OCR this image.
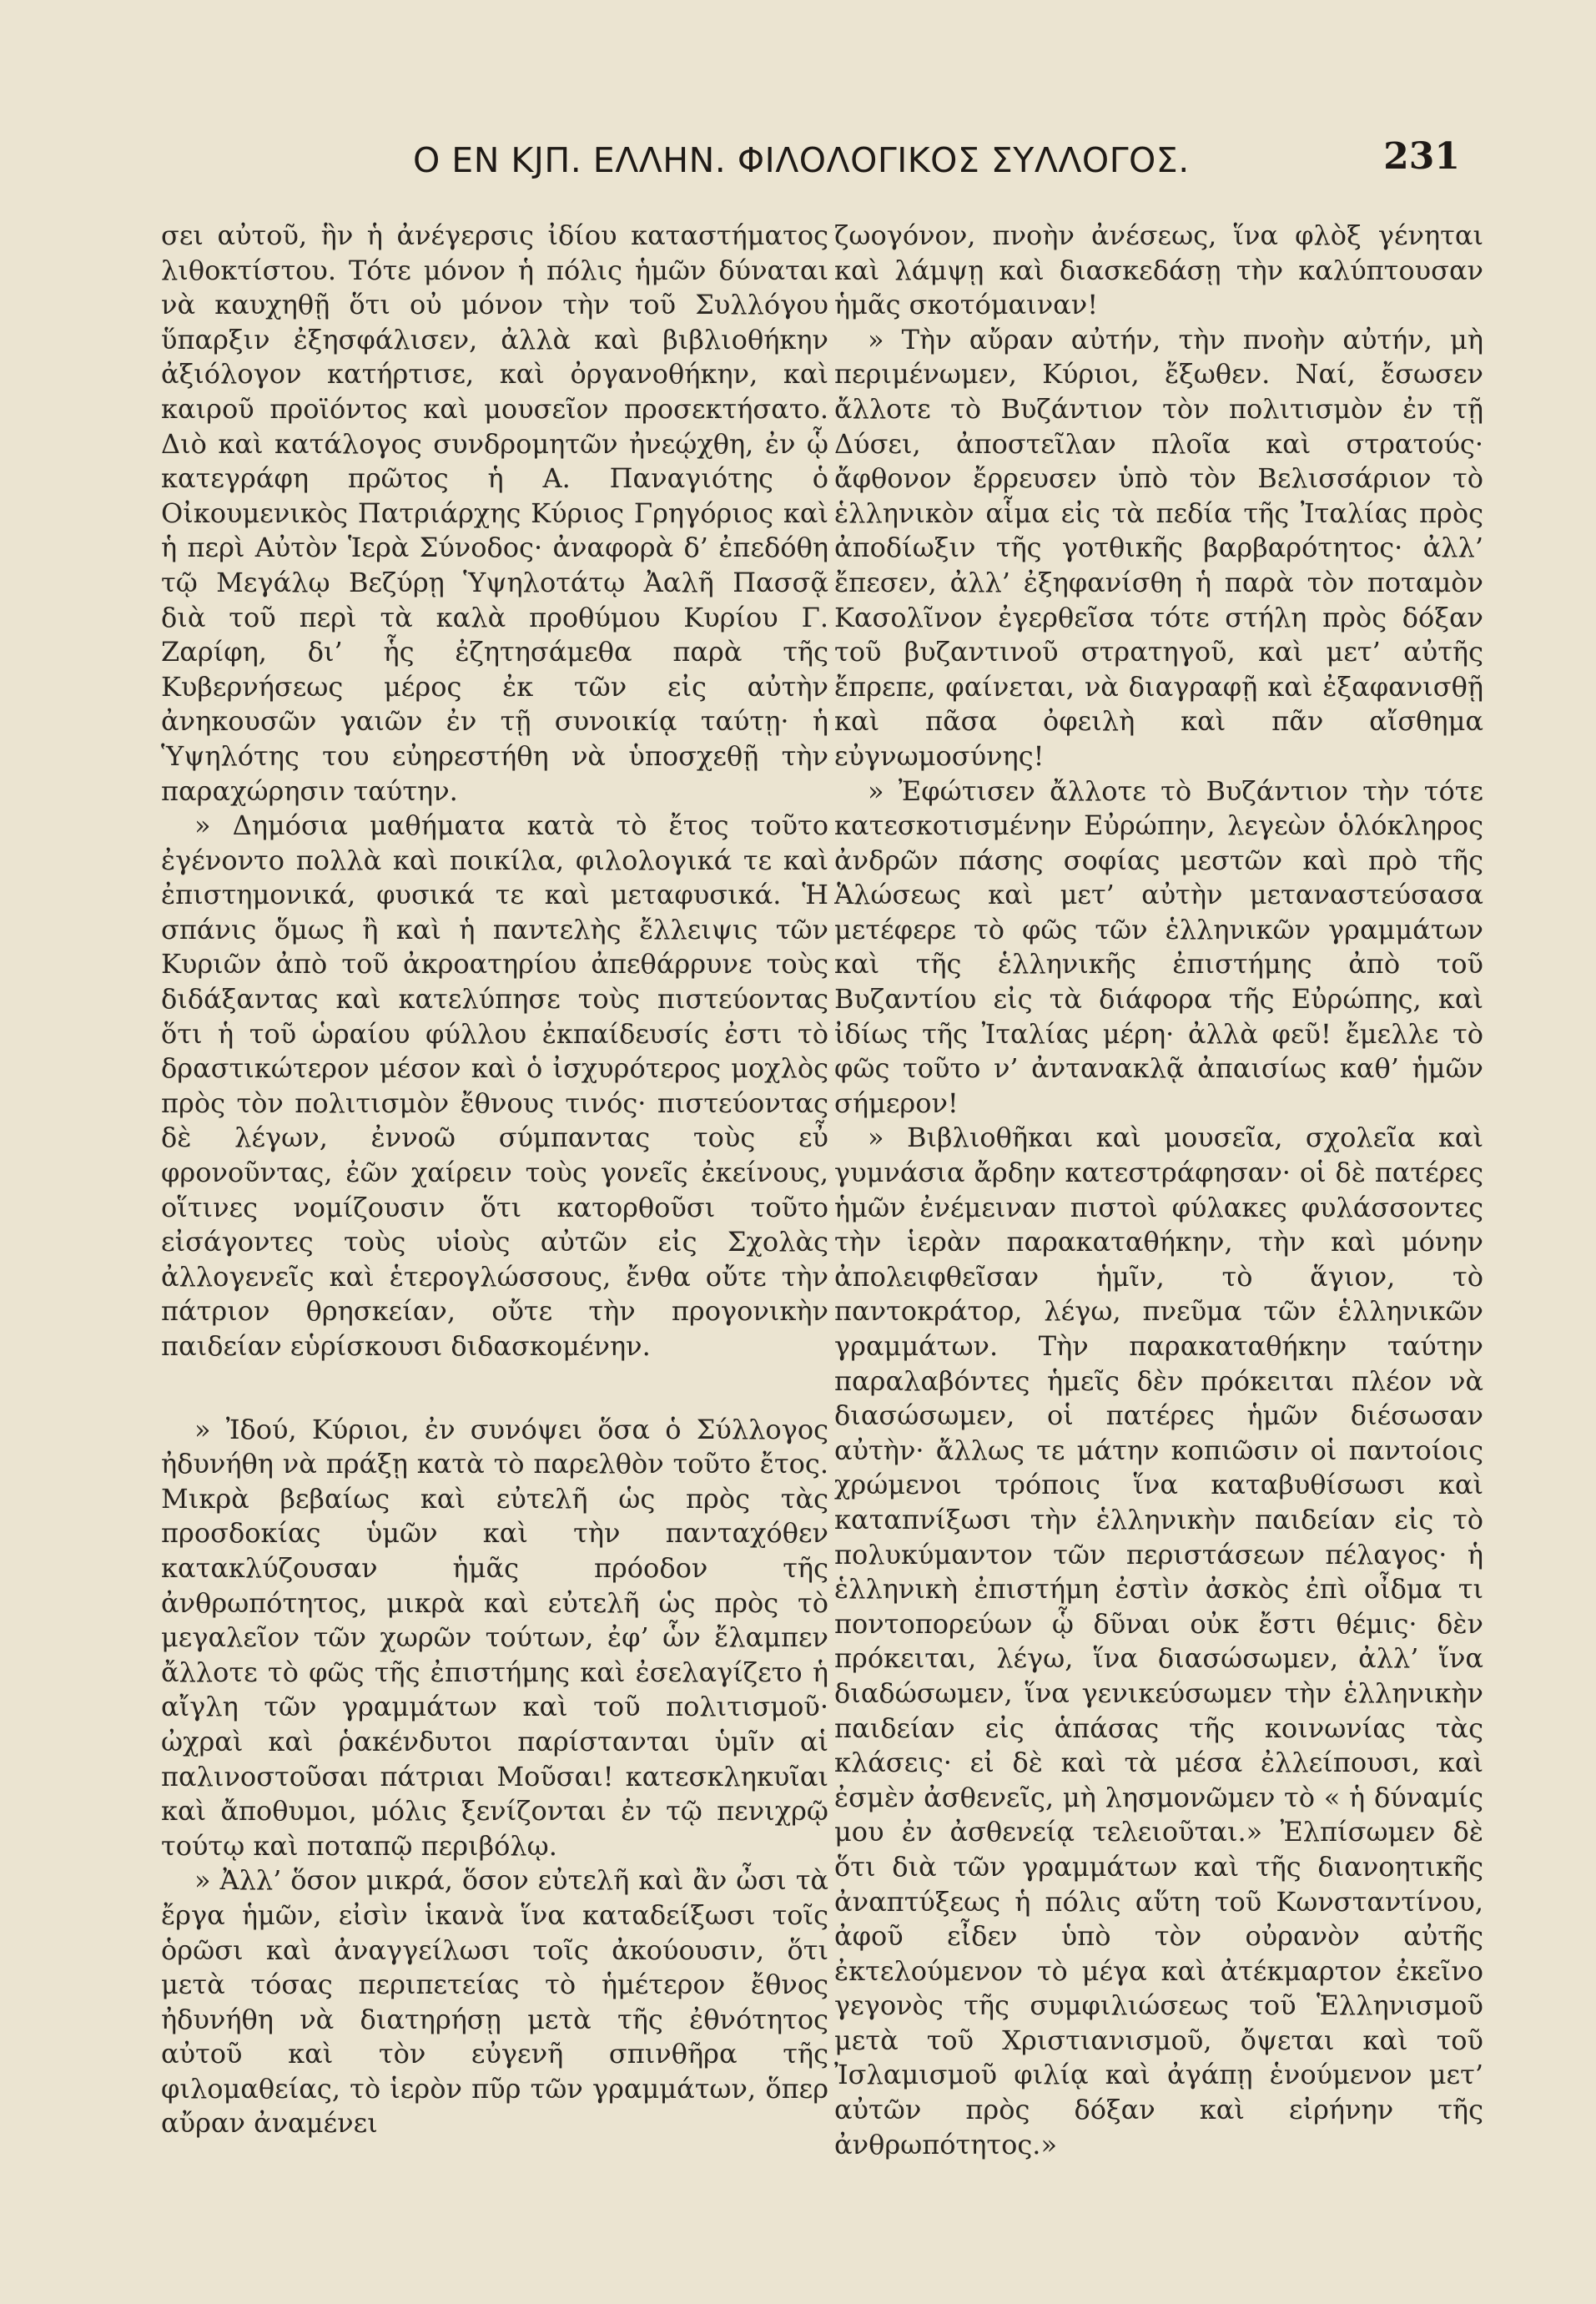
Ο ΕΝ ΚͿΠ. ΕΛΛΗΝ. ΦΙΛΟΛΟΓΙΚΟΣ ΣΥΛΛΟΓΟΣ.	231

σει αὐτοῦ, ἣν ἡ ἀνέγερσις ἰδίου καταστήματος λιθοκτίστου. Τότε μόνον ἡ πόλις ἡμῶν δύναται νὰ καυχηθῇ ὅτι οὐ μόνον τὴν τοῦ Συλλόγου ὕπαρξιν ἐξησφάλισεν, ἀλλὰ καὶ βιβλιοθήκην ἀξιόλογον κατήρτισε, καὶ ὀργανοθήκην, καὶ καιροῦ προϊόντος καὶ μουσεῖον προσεκτήσατο. Διὸ καὶ κατάλογος συνδρομητῶν ἠνεῴχθη, ἐν ᾧ κατεγράφη πρῶτος ἡ Α. Παναγιότης ὁ Οἰκουμενικὸς Πατριάρχης Κύριος Γρηγόριος καὶ ἡ περὶ Αὐτὸν Ἱερὰ Σύνοδος· ἀναφορὰ δ’ ἐπεδόθη τῷ Μεγάλῳ Βεζύρῃ Ὑψηλοτάτῳ Ἀαλῆ Πασσᾷ διὰ τοῦ περὶ τὰ καλὰ προθύμου Κυρίου Γ. Ζαρίφη, δι’ ἧς ἐζητησάμεθα παρὰ τῆς Κυβερνήσεως μέρος ἐκ τῶν εἰς αὐτὴν ἀνηκουσῶν γαιῶν ἐν τῇ συνοικίᾳ ταύτῃ· ἡ Ὑψηλότης του εὐηρεστήθη νὰ ὑποσχεθῇ τὴν παραχώρησιν ταύτην.

» Δημόσια μαθήματα κατὰ τὸ ἔτος τοῦτο ἐγένοντο πολλὰ καὶ ποικίλα, φιλολογικά τε καὶ ἐπιστημονικά, φυσικά τε καὶ μεταφυσικά. Ἡ σπάνις ὅμως ἢ καὶ ἡ παντελὴς ἔλλειψις τῶν Κυριῶν ἀπὸ τοῦ ἀκροατηρίου ἀπεθάρρυνε τοὺς διδάξαντας καὶ κατελύπησε τοὺς πιστεύοντας ὅτι ἡ τοῦ ὡραίου φύλλου ἐκπαίδευσίς ἐστι τὸ δραστικώτερον μέσον καὶ ὁ ἰσχυρότερος μοχλὸς πρὸς τὸν πολιτισμὸν ἔθνους τινός· πιστεύοντας δὲ λέγων, ἐννοῶ σύμπαντας τοὺς εὖ φρονοῦντας, ἐῶν χαίρειν τοὺς γονεῖς ἐκείνους, οἵτινες νομίζουσιν ὅτι κατορθοῦσι τοῦτο εἰσάγοντες τοὺς υἱοὺς αὐτῶν εἰς Σχολὰς ἀλλογενεῖς καὶ ἑτερογλώσσους, ἔνθα οὔτε τὴν πάτριον θρησκείαν, οὔτε τὴν προγονικὴν παιδείαν εὑρίσκουσι διδασκομένην.

» Ἰδού, Κύριοι, ἐν συνόψει ὅσα ὁ Σύλλογος ἠδυνήθη νὰ πράξῃ κατὰ τὸ παρελθὸν τοῦτο ἔτος. Μικρὰ βεβαίως καὶ εὐτελῆ ὡς πρὸς τὰς προσδοκίας ὑμῶν καὶ τὴν πανταχόθεν κατακλύζουσαν ἡμᾶς πρόοδον τῆς ἀνθρωπότητος, μικρὰ καὶ εὐτελῆ ὡς πρὸς τὸ μεγαλεῖον τῶν χωρῶν τούτων, ἐφ’ ὧν ἔλαμπεν ἄλλοτε τὸ φῶς τῆς ἐπιστήμης καὶ ἐσελαγίζετο ἡ αἴγλη τῶν γραμμάτων καὶ τοῦ πολιτισμοῦ· ὠχραὶ καὶ ῥακένδυτοι παρίστανται ὑμῖν αἱ παλινοστοῦσαι πάτριαι Μοῦσαι! κατεσκληκυῖαι καὶ ἄποθυμοι, μόλις ξενίζονται ἐν τῷ πενιχρῷ τούτῳ καὶ ποταπῷ περιβόλῳ.

» Ἀλλ’ ὅσον μικρά, ὅσον εὐτελῆ καὶ ἂν ὦσι τὰ ἔργα ἡμῶν, εἰσὶν ἱκανὰ ἵνα καταδείξωσι τοῖς ὁρῶσι καὶ ἀναγγείλωσι τοῖς ἀκούουσιν, ὅτι μετὰ τόσας περιπετείας τὸ ἡμέτερον ἔθνος ἠδυνήθη νὰ διατηρήσῃ μετὰ τῆς ἐθνότητος αὐτοῦ καὶ τὸν εὐγενῆ σπινθῆρα τῆς φιλομαθείας, τὸ ἱερὸν πῦρ τῶν γραμμάτων, ὅπερ αὔραν ἀναμένει

ζωογόνον, πνοὴν ἀνέσεως, ἵνα φλὸξ γένηται καὶ λάμψῃ καὶ διασκεδάσῃ τὴν καλύπτουσαν ἡμᾶς σκοτόμαιναν!

» Τὴν αὔραν αὐτήν, τὴν πνοὴν αὐτήν, μὴ περιμένωμεν, Κύριοι, ἔξωθεν. Ναί, ἔσωσεν ἄλλοτε τὸ Βυζάντιον τὸν πολιτισμὸν ἐν τῇ Δύσει, ἀποστεῖλαν πλοῖα καὶ στρατούς· ἄφθονον ἔρρευσεν ὑπὸ τὸν Βελισσάριον τὸ ἑλληνικὸν αἷμα εἰς τὰ πεδία τῆς Ἰταλίας πρὸς ἀποδίωξιν τῆς γοτθικῆς βαρβαρότητος· ἀλλ’ ἔπεσεν, ἀλλ’ ἐξηφανίσθη ἡ παρὰ τὸν ποταμὸν Κασολῖνον ἐγερθεῖσα τότε στήλη πρὸς δόξαν τοῦ βυζαντινοῦ στρατηγοῦ, καὶ μετ’ αὐτῆς ἔπρεπε, φαίνεται, νὰ διαγραφῇ καὶ ἐξαφανισθῇ καὶ πᾶσα ὀφειλὴ καὶ πᾶν αἴσθημα εὐγνωμοσύνης!

» Ἐφώτισεν ἄλλοτε τὸ Βυζάντιον τὴν τότε κατεσκοτισμένην Εὐρώπην, λεγεὼν ὁλόκληρος ἀνδρῶν πάσης σοφίας μεστῶν καὶ πρὸ τῆς Ἁλώσεως καὶ μετ’ αὐτὴν μεταναστεύσασα μετέφερε τὸ φῶς τῶν ἑλληνικῶν γραμμάτων καὶ τῆς ἑλληνικῆς ἐπιστήμης ἀπὸ τοῦ Βυζαντίου εἰς τὰ διάφορα τῆς Εὐρώπης, καὶ ἰδίως τῆς Ἰταλίας μέρη· ἀλλὰ φεῦ! ἔμελλε τὸ φῶς τοῦτο ν’ ἀντανακλᾷ ἀπαισίως καθ’ ἡμῶν σήμερον!

» Βιβλιοθῆκαι καὶ μουσεῖα, σχολεῖα καὶ γυμνάσια ἄρδην κατεστράφησαν· οἱ δὲ πατέρες ἡμῶν ἐνέμειναν πιστοὶ φύλακες φυλάσσοντες τὴν ἱερὰν παρακαταθήκην, τὴν καὶ μόνην ἀπολειφθεῖσαν ἡμῖν, τὸ ἅγιον, τὸ παντοκράτορ, λέγω, πνεῦμα τῶν ἑλληνικῶν γραμμάτων. Τὴν παρακαταθήκην ταύτην παραλαβόντες ἡμεῖς δὲν πρόκειται πλέον νὰ διασώσωμεν, οἱ πατέρες ἡμῶν διέσωσαν αὐτὴν· ἄλλως τε μάτην κοπιῶσιν οἱ παντοίοις χρώμενοι τρόποις ἵνα καταβυθίσωσι καὶ καταπνίξωσι τὴν ἑλληνικὴν παιδείαν εἰς τὸ πολυκύμαντον τῶν περιστάσεων πέλαγος· ἡ ἑλληνικὴ ἐπιστήμη ἐστὶν ἀσκὸς ἐπὶ οἶδμα τι ποντοπορεύων ᾧ δῦναι οὐκ ἔστι θέμις· δὲν πρόκειται, λέγω, ἵνα διασώσωμεν, ἀλλ’ ἵνα διαδώσωμεν, ἵνα γενικεύσωμεν τὴν ἑλληνικὴν παιδείαν εἰς ἁπάσας τῆς κοινωνίας τὰς κλάσεις· εἰ δὲ καὶ τὰ μέσα ἐλλείπουσι, καὶ ἐσμὲν ἀσθενεῖς, μὴ λησμονῶμεν τὸ « ἡ δύναμίς μου ἐν ἀσθενείᾳ τελειοῦται.» Ἐλπίσωμεν δὲ ὅτι διὰ τῶν γραμμάτων καὶ τῆς διανοητικῆς ἀναπτύξεως ἡ πόλις αὕτη τοῦ Κωνσταντίνου, ἀφοῦ εἶδεν ὑπὸ τὸν οὐρανὸν αὐτῆς ἐκτελούμενον τὸ μέγα καὶ ἀτέκμαρτον ἐκεῖνο γεγονὸς τῆς συμφιλιώσεως τοῦ Ἑλληνισμοῦ μετὰ τοῦ Χριστιανισμοῦ, ὄψεται καὶ τοῦ Ἰσλαμισμοῦ φιλίᾳ καὶ ἀγάπῃ ἑνούμενον μετ’ αὐτῶν πρὸς δόξαν καὶ εἰρήνην τῆς ἀνθρωπότητος.»
